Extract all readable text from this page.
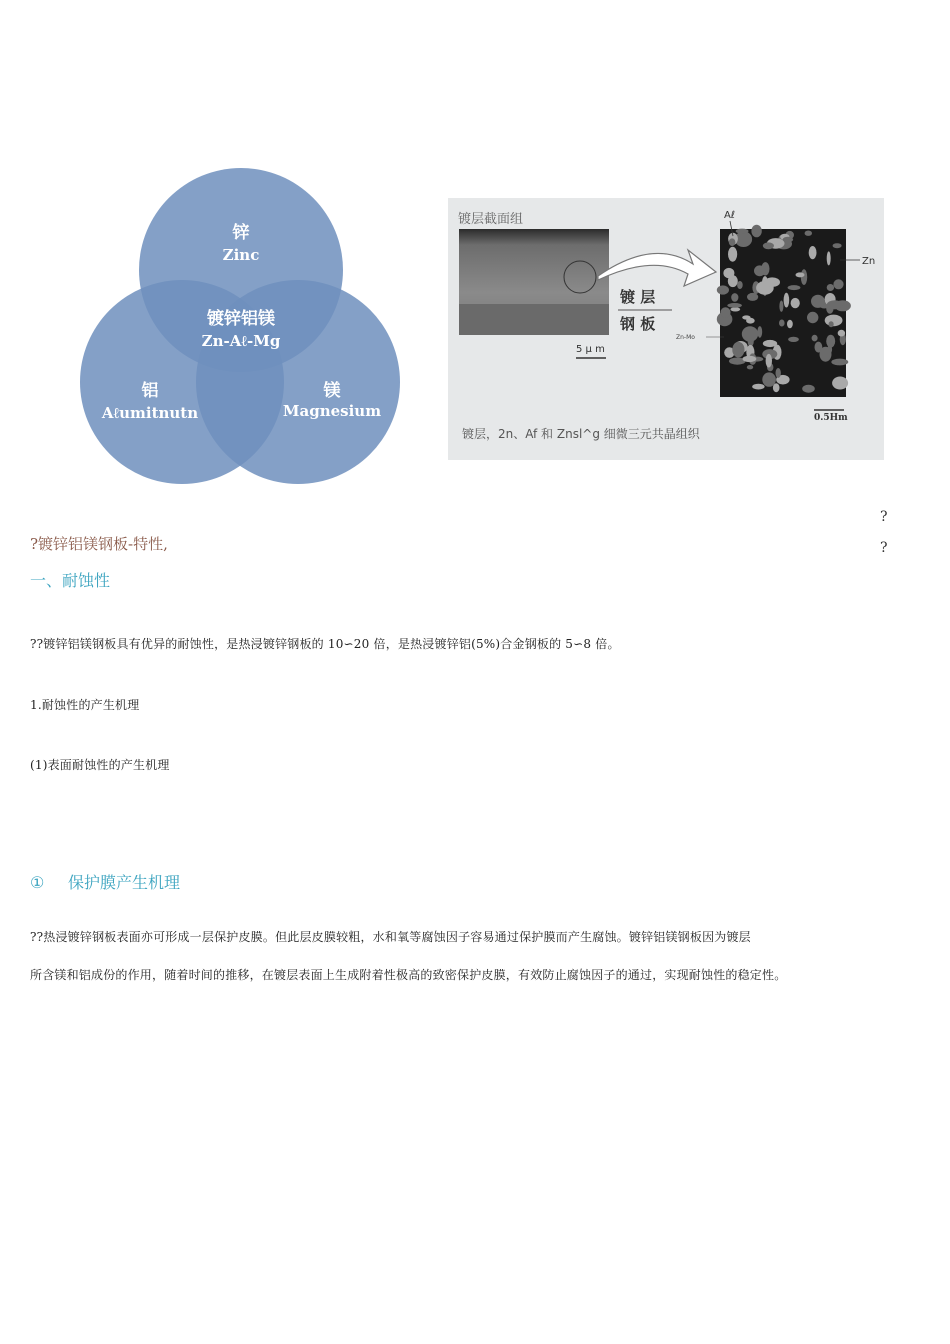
锌
Zinc
镀锌铝镁
Zn-Aℓ-Mg
铝
Aℓumitnutn
镁
Magnesium
镀层截面组
镀 层
钢 板
5 μ m
Aℓ
Zn
Zn-Mo
0.5Hm
镀层，2n、Af 和 Znsl^g 细微三元共晶组织
?
?
?镀锌铝镁钢板-特性,
一、耐蚀性
??镀锌铝镁钢板具有优异的耐蚀性，是热浸镀锌钢板的 10∽20 倍，是热浸镀锌铝(5%)合金钢板的 5∽8 倍。
1.耐蚀性的产生机理
(1)表面耐蚀性的产生机理
① 保护膜产生机理
??热浸镀锌钢板表面亦可形成一层保护皮膜。但此层皮膜较粗，水和氧等腐蚀因子容易通过保护膜而产生腐蚀。镀锌铝镁钢板因为镀层
所含镁和铝成份的作用，随着时间的推移，在镀层表面上生成附着性极高的致密保护皮膜，有效防止腐蚀因子的通过，实现耐蚀性的稳定性。
